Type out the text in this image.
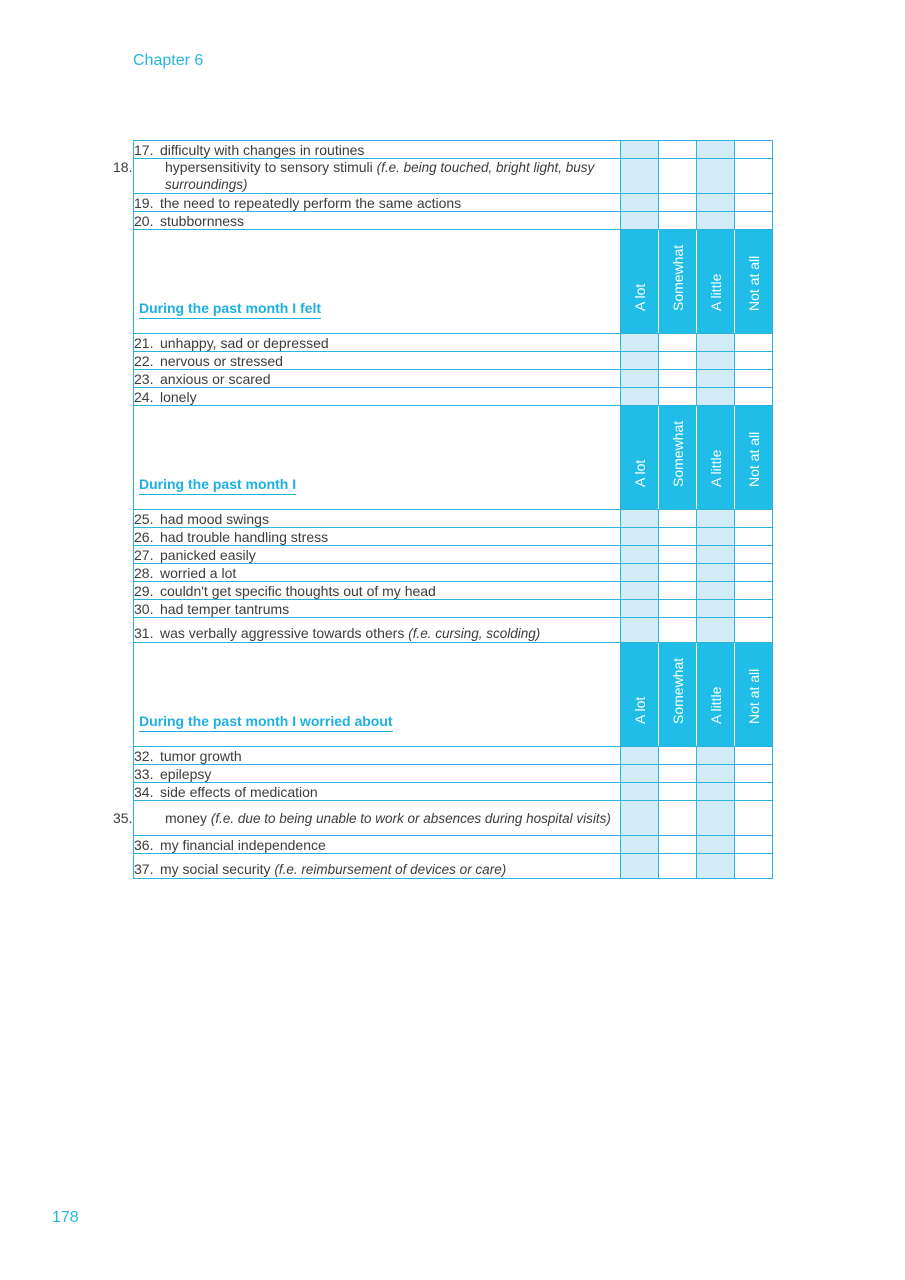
Chapter 6
17. difficulty with changes in routines				
18. hypersensitivity to sensory stimuli (f.e. being touched, bright light, busy surroundings)				
19. the need to repeatedly perform the same actions				
20. stubbornness				
During the past month I felt	A lot	Somewhat	A little	Not at all

21. unhappy, sad or depressed				
22. nervous or stressed				
23. anxious or scared				
24. lonely				
During the past month I	A lot	Somewhat	A little	Not at all

25. had mood swings				
26. had trouble handling stress				
27. panicked easily				
28. worried a lot				
29. couldn't get specific thoughts out of my head				
30. had temper tantrums				
31. was verbally aggressive towards others (f.e. cursing, scolding)				
During the past month I worried about	A lot	Somewhat	A little	Not at all

32. tumor growth				
33. epilepsy				
34. side effects of medication				
35. money (f.e. due to being unable to work or absences during hospital visits)				
36. my financial independence				
37. my social security (f.e. reimbursement of devices or care)				
178
